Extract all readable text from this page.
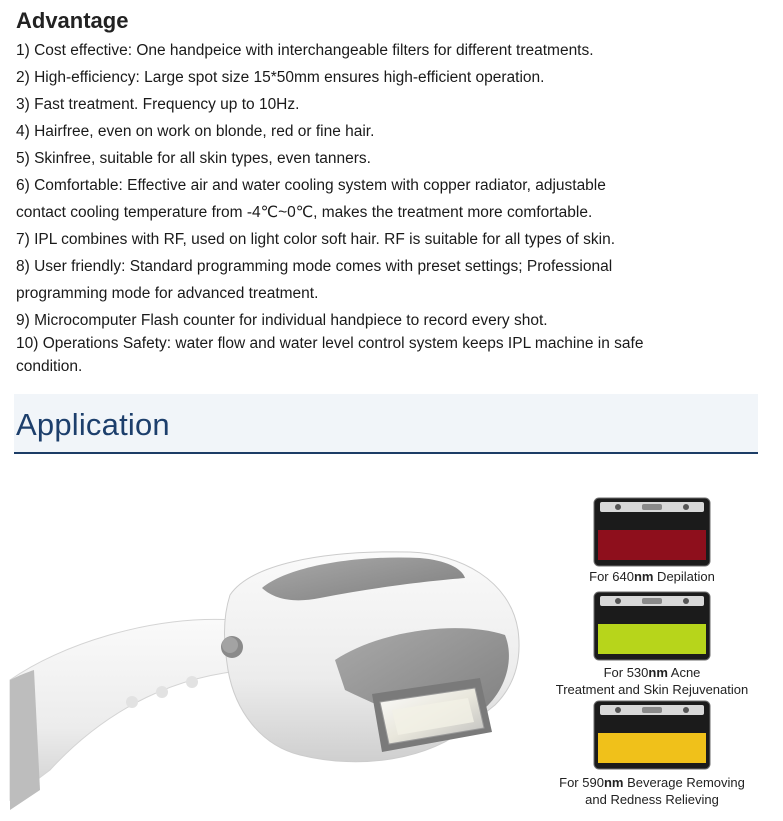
Advantage
1) Cost effective: One handpeice with interchangeable filters for different treatments.
2) High-efficiency: Large spot size 15*50mm ensures high-efficient operation.
3) Fast treatment. Frequency up to 10Hz.
4) Hairfree, even on work on blonde, red or fine hair.
5) Skinfree, suitable for all skin types, even tanners.
6) Comfortable: Effective air and water cooling system with copper radiator, adjustable
contact cooling temperature from -4℃~0℃, makes the treatment more comfortable.
7) IPL combines with RF, used on light color soft hair. RF is suitable for all types of skin.
8) User friendly: Standard programming mode comes with preset settings; Professional
programming mode for advanced treatment.
9) Microcomputer Flash counter for individual handpiece to record every shot.
10) Operations Safety: water flow and water level control system keeps IPL machine in safe
condition.
Application
For 640nm Depilation
For 530nm Acne
Treatment and Skin Rejuvenation
For 590nm Beverage Removing
and Redness Relieving
